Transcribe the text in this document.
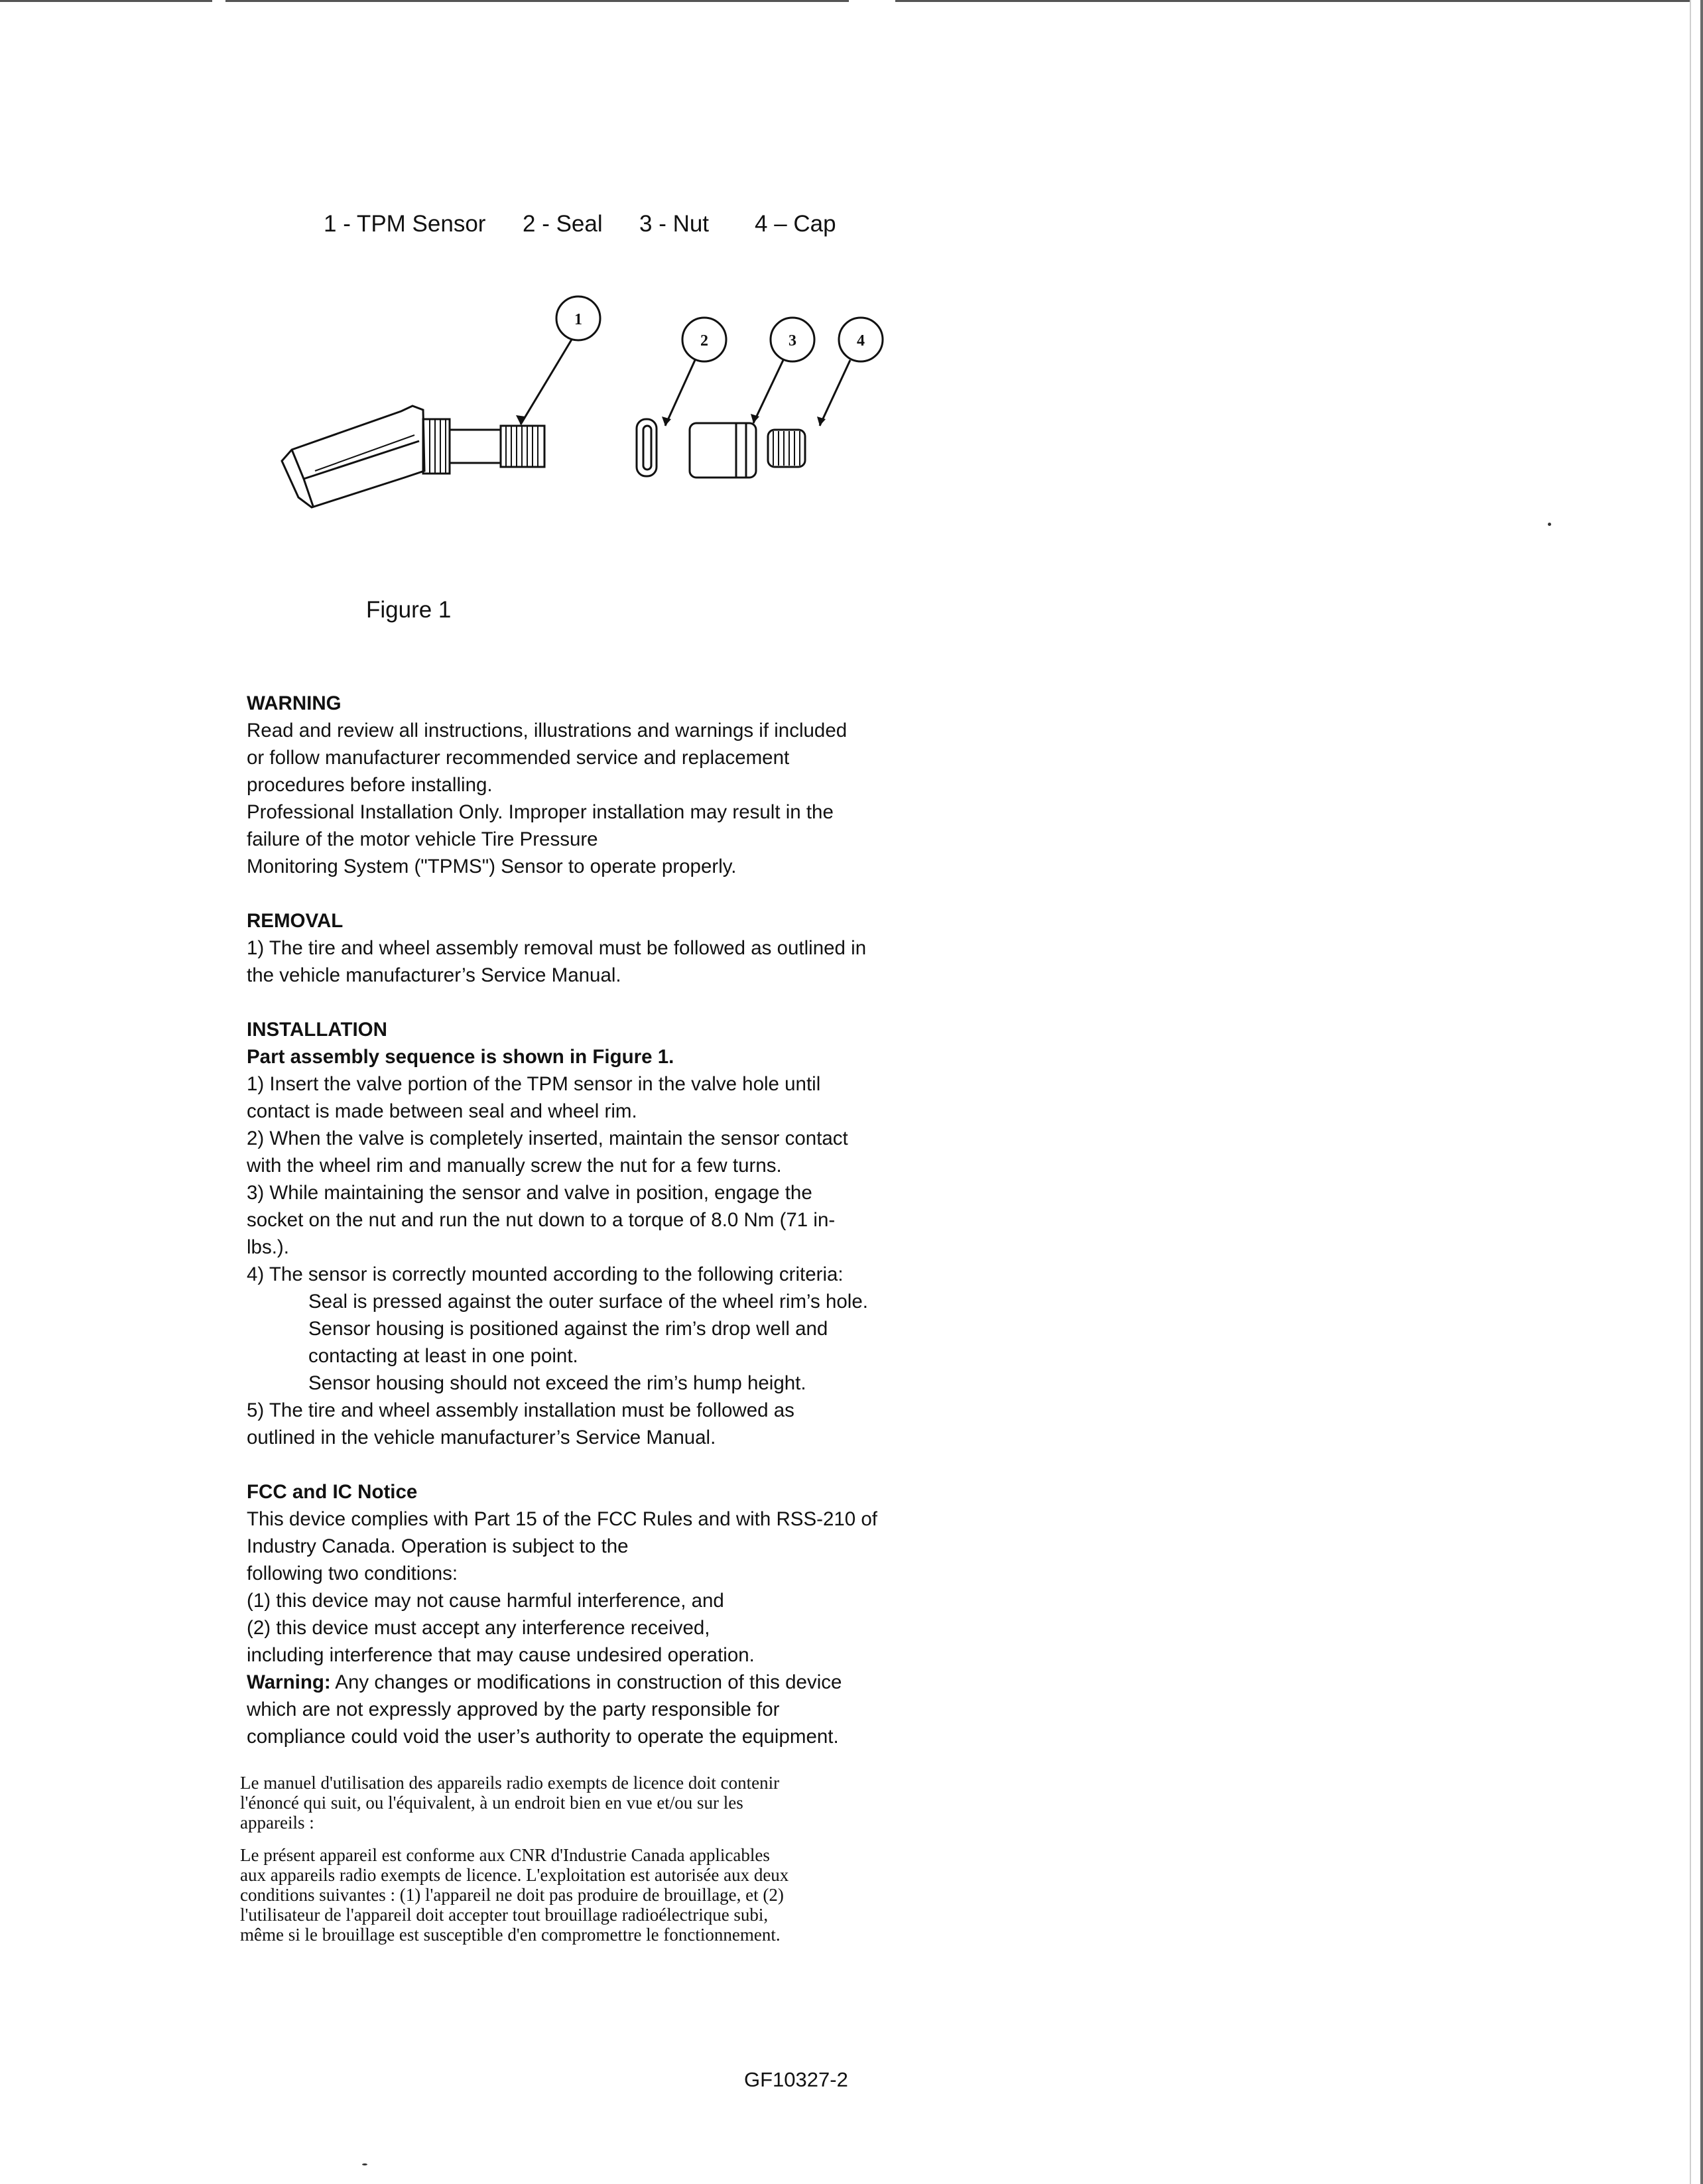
1 - TPM Sensor 2 - Seal 3 - Nut 4 – Cap
1
2	3	4
Figure 1

WARNING

Read and review all instructions, illustrations and warnings if included

or follow manufacturer recommended service and replacement

procedures before installing.

Professional Installation Only. Improper installation may result in the

failure of the motor vehicle Tire Pressure

Monitoring System ("TPMS") Sensor to operate properly.

REMOVAL

1) The tire and wheel assembly removal must be followed as outlined in

the vehicle manufacturer’s Service Manual.

INSTALLATION

Part assembly sequence is shown in Figure 1.

1) Insert the valve portion of the TPM sensor in the valve hole until

contact is made between seal and wheel rim.

2) When the valve is completely inserted, maintain the sensor contact

with the wheel rim and manually screw the nut for a few turns.

3) While maintaining the sensor and valve in position, engage the

socket on the nut and run the nut down to a torque of 8.0 Nm (71 in-

lbs.).

4) The sensor is correctly mounted according to the following criteria:

Seal is pressed against the outer surface of the wheel rim’s hole.

Sensor housing is positioned against the rim’s drop well and

contacting at least in one point.

Sensor housing should not exceed the rim’s hump height.

5) The tire and wheel assembly installation must be followed as

outlined in the vehicle manufacturer’s Service Manual.

FCC and IC Notice

This device complies with Part 15 of the FCC Rules and with RSS-210 of

Industry Canada. Operation is subject to the

following two conditions:

(1) this device may not cause harmful interference, and

(2) this device must accept any interference received,

including interference that may cause undesired operation.

Warning: Any changes or modifications in construction of this device

which are not expressly approved by the party responsible for

compliance could void the user’s authority to operate the equipment.

Le manuel d'utilisation des appareils radio exempts de licence doit contenir
l'énoncé qui suit, ou l'équivalent, à un endroit bien en vue et/ou sur les
appareils :
Le présent appareil est conforme aux CNR d'Industrie Canada applicables
aux appareils radio exempts de licence. L'exploitation est autorisée aux deux
conditions suivantes : (1) l'appareil ne doit pas produire de brouillage, et (2)
l'utilisateur de l'appareil doit accepter tout brouillage radioélectrique subi,
même si le brouillage est susceptible d'en compromettre le fonctionnement.
GF10327-2
